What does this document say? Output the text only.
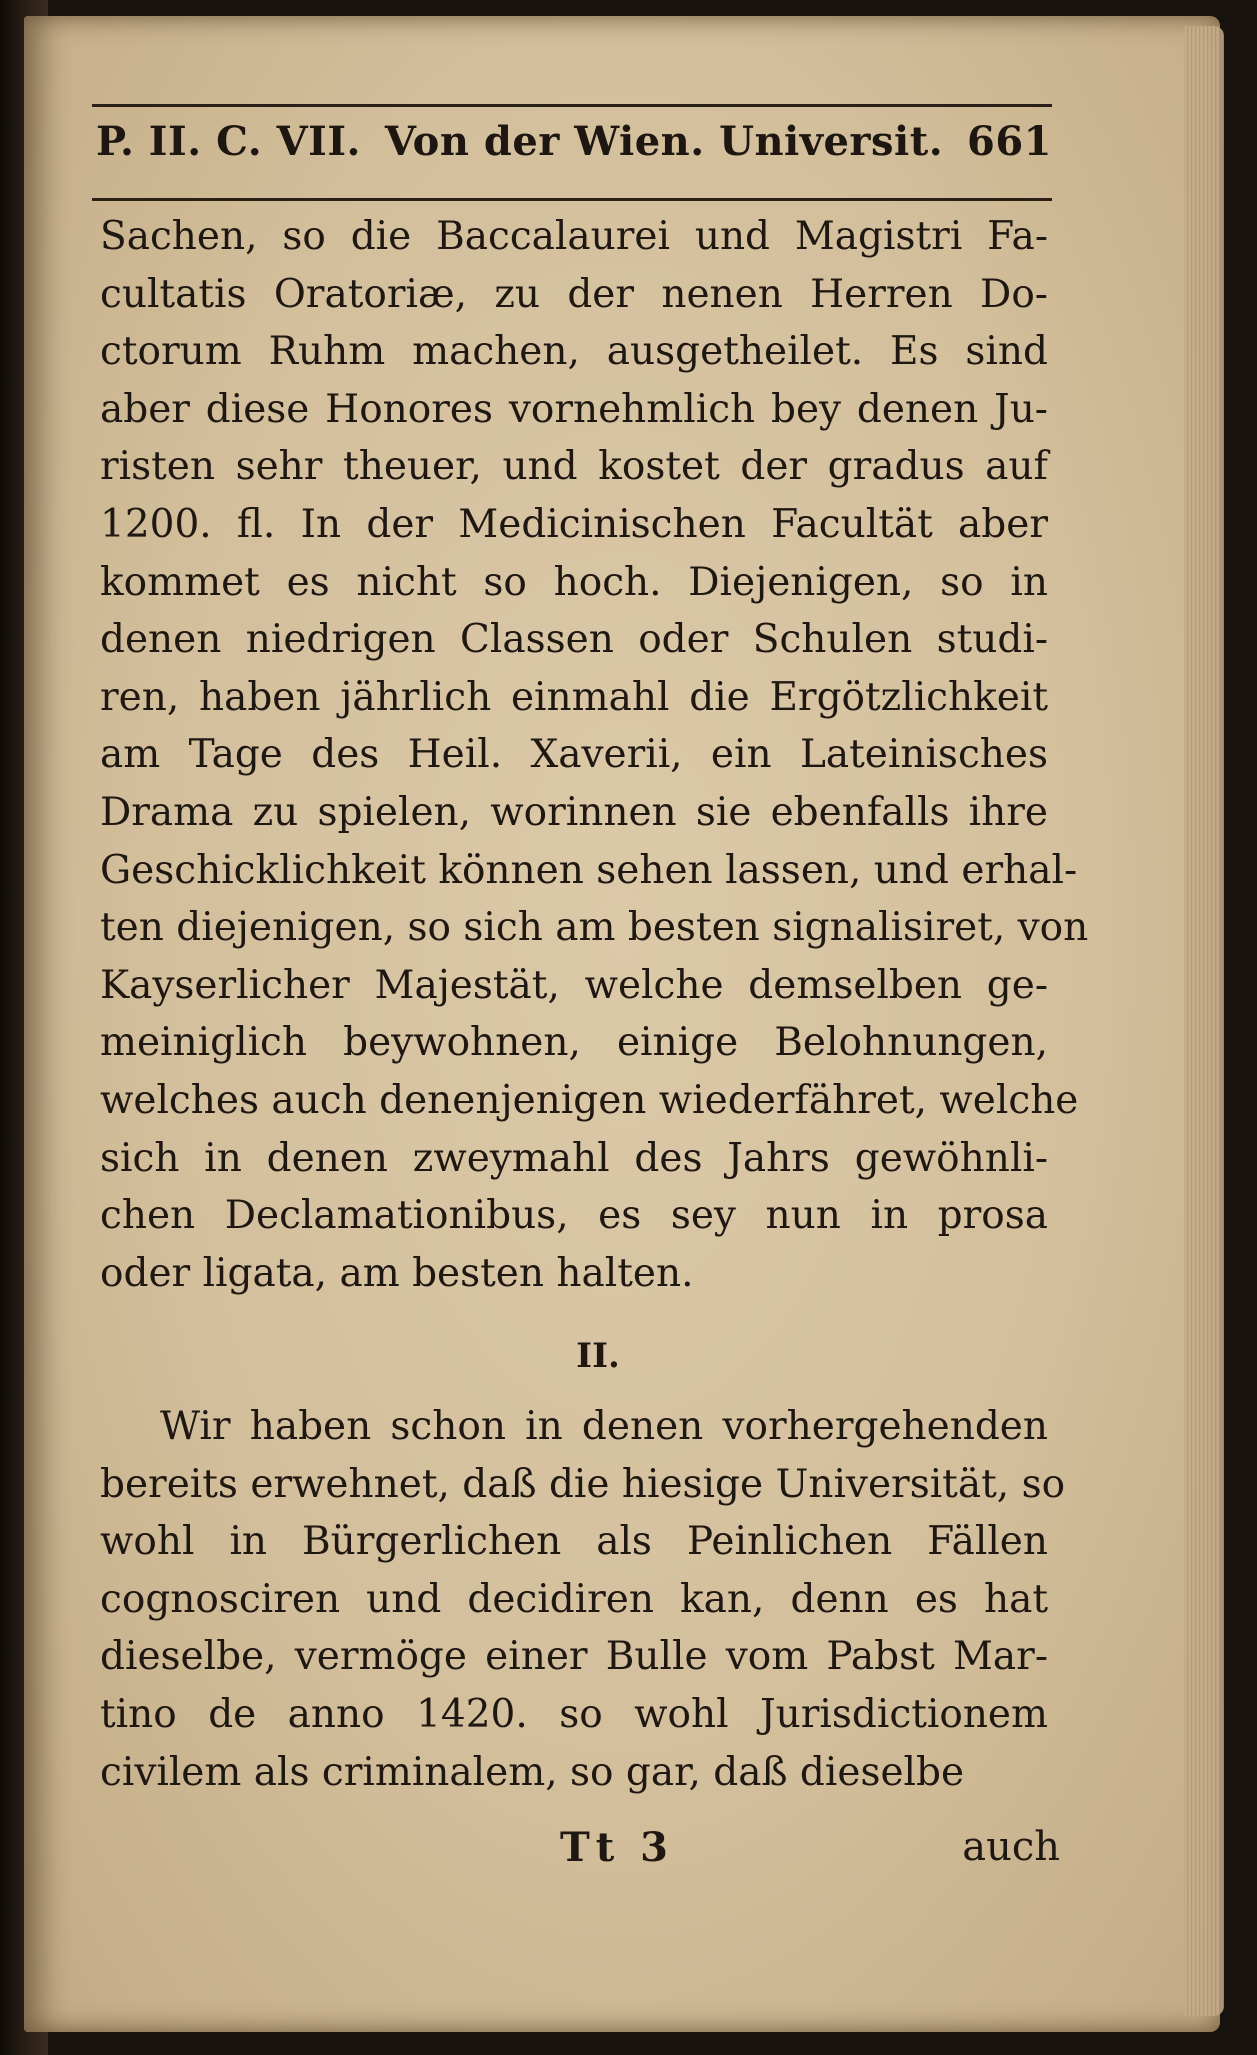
P. II. C. VII. Von der Wien. Universit. 661
Sachen, so die Baccalaurei und Magistri Fa-
cultatis Oratoriæ, zu der nenen Herren Do-
ctorum Ruhm machen, ausgetheilet. Es sind
aber diese Honores vornehmlich bey denen Ju-
risten sehr theuer, und kostet der gradus auf
1200. fl. In der Medicinischen Facultät aber
kommet es nicht so hoch. Diejenigen, so in
denen niedrigen Classen oder Schulen studi-
ren, haben jährlich einmahl die Ergötzlichkeit
am Tage des Heil. Xaverii, ein Lateinisches
Drama zu spielen, worinnen sie ebenfalls ihre
Geschicklichkeit können sehen lassen, und erhal-
ten diejenigen, so sich am besten signalisiret, von
Kayserlicher Majestät, welche demselben ge-
meiniglich beywohnen, einige Belohnungen,
welches auch denenjenigen wiederfähret, welche
sich in denen zweymahl des Jahrs gewöhnli-
chen Declamationibus, es sey nun in prosa
oder ligata, am besten halten.
II.
Wir haben schon in denen vorhergehenden
bereits erwehnet, daß die hiesige Universität, so
wohl in Bürgerlichen als Peinlichen Fällen
cognosciren und decidiren kan, denn es hat
dieselbe, vermöge einer Bulle vom Pabst Mar-
tino de anno 1420. so wohl Jurisdictionem
civilem als criminalem, so gar, daß dieselbe
Tt 3	auch
